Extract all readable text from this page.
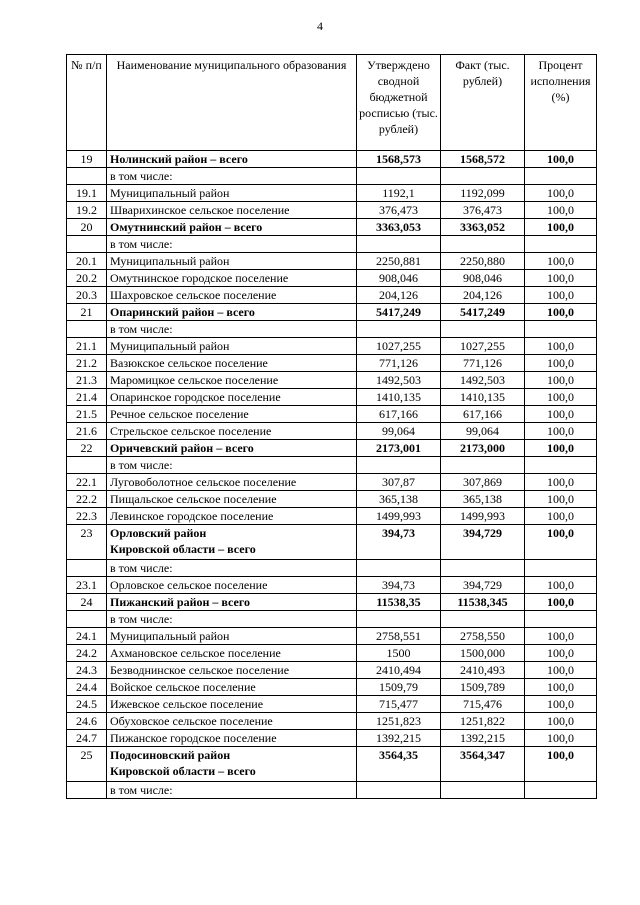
4
№ п/п	Наименование муниципального образования	Утверждено сводной бюджетной росписью (тыс. рублей)	Факт (тыс. рублей)	Процент исполнения (%)
19	Нолинский район – всего	1568,573	1568,572	100,0
	в том числе:			
19.1	Муниципальный район	1192,1	1192,099	100,0
19.2	Шварихинское сельское поселение	376,473	376,473	100,0
20	Омутнинский район – всего	3363,053	3363,052	100,0
	в том числе:			
20.1	Муниципальный район	2250,881	2250,880	100,0
20.2	Омутнинское городское поселение	908,046	908,046	100,0
20.3	Шахровское сельское поселение	204,126	204,126	100,0
21	Опаринский район – всего	5417,249	5417,249	100,0
	в том числе:			
21.1	Муниципальный район	1027,255	1027,255	100,0
21.2	Вазюкское сельское поселение	771,126	771,126	100,0
21.3	Маромицкое сельское поселение	1492,503	1492,503	100,0
21.4	Опаринское городское поселение	1410,135	1410,135	100,0
21.5	Речное сельское поселение	617,166	617,166	100,0
21.6	Стрельское сельское поселение	99,064	99,064	100,0
22	Оричевский район – всего	2173,001	2173,000	100,0
	в том числе:			
22.1	Луговоболотное сельское поселение	307,87	307,869	100,0
22.2	Пищальское сельское поселение	365,138	365,138	100,0
22.3	Левинское городское поселение	1499,993	1499,993	100,0
23	Орловский район
Кировской области – всего	394,73	394,729	100,0
	в том числе:			
23.1	Орловское сельское поселение	394,73	394,729	100,0
24	Пижанский район – всего	11538,35	11538,345	100,0
	в том числе:			
24.1	Муниципальный район	2758,551	2758,550	100,0
24.2	Ахмановское сельское поселение	1500	1500,000	100,0
24.3	Безводнинское сельское поселение	2410,494	2410,493	100,0
24.4	Войское сельское поселение	1509,79	1509,789	100,0
24.5	Ижевское сельское поселение	715,477	715,476	100,0
24.6	Обуховское сельское поселение	1251,823	1251,822	100,0
24.7	Пижанское городское поселение	1392,215	1392,215	100,0
25	Подосиновский район
Кировской области – всего	3564,35	3564,347	100,0
	в том числе:			
